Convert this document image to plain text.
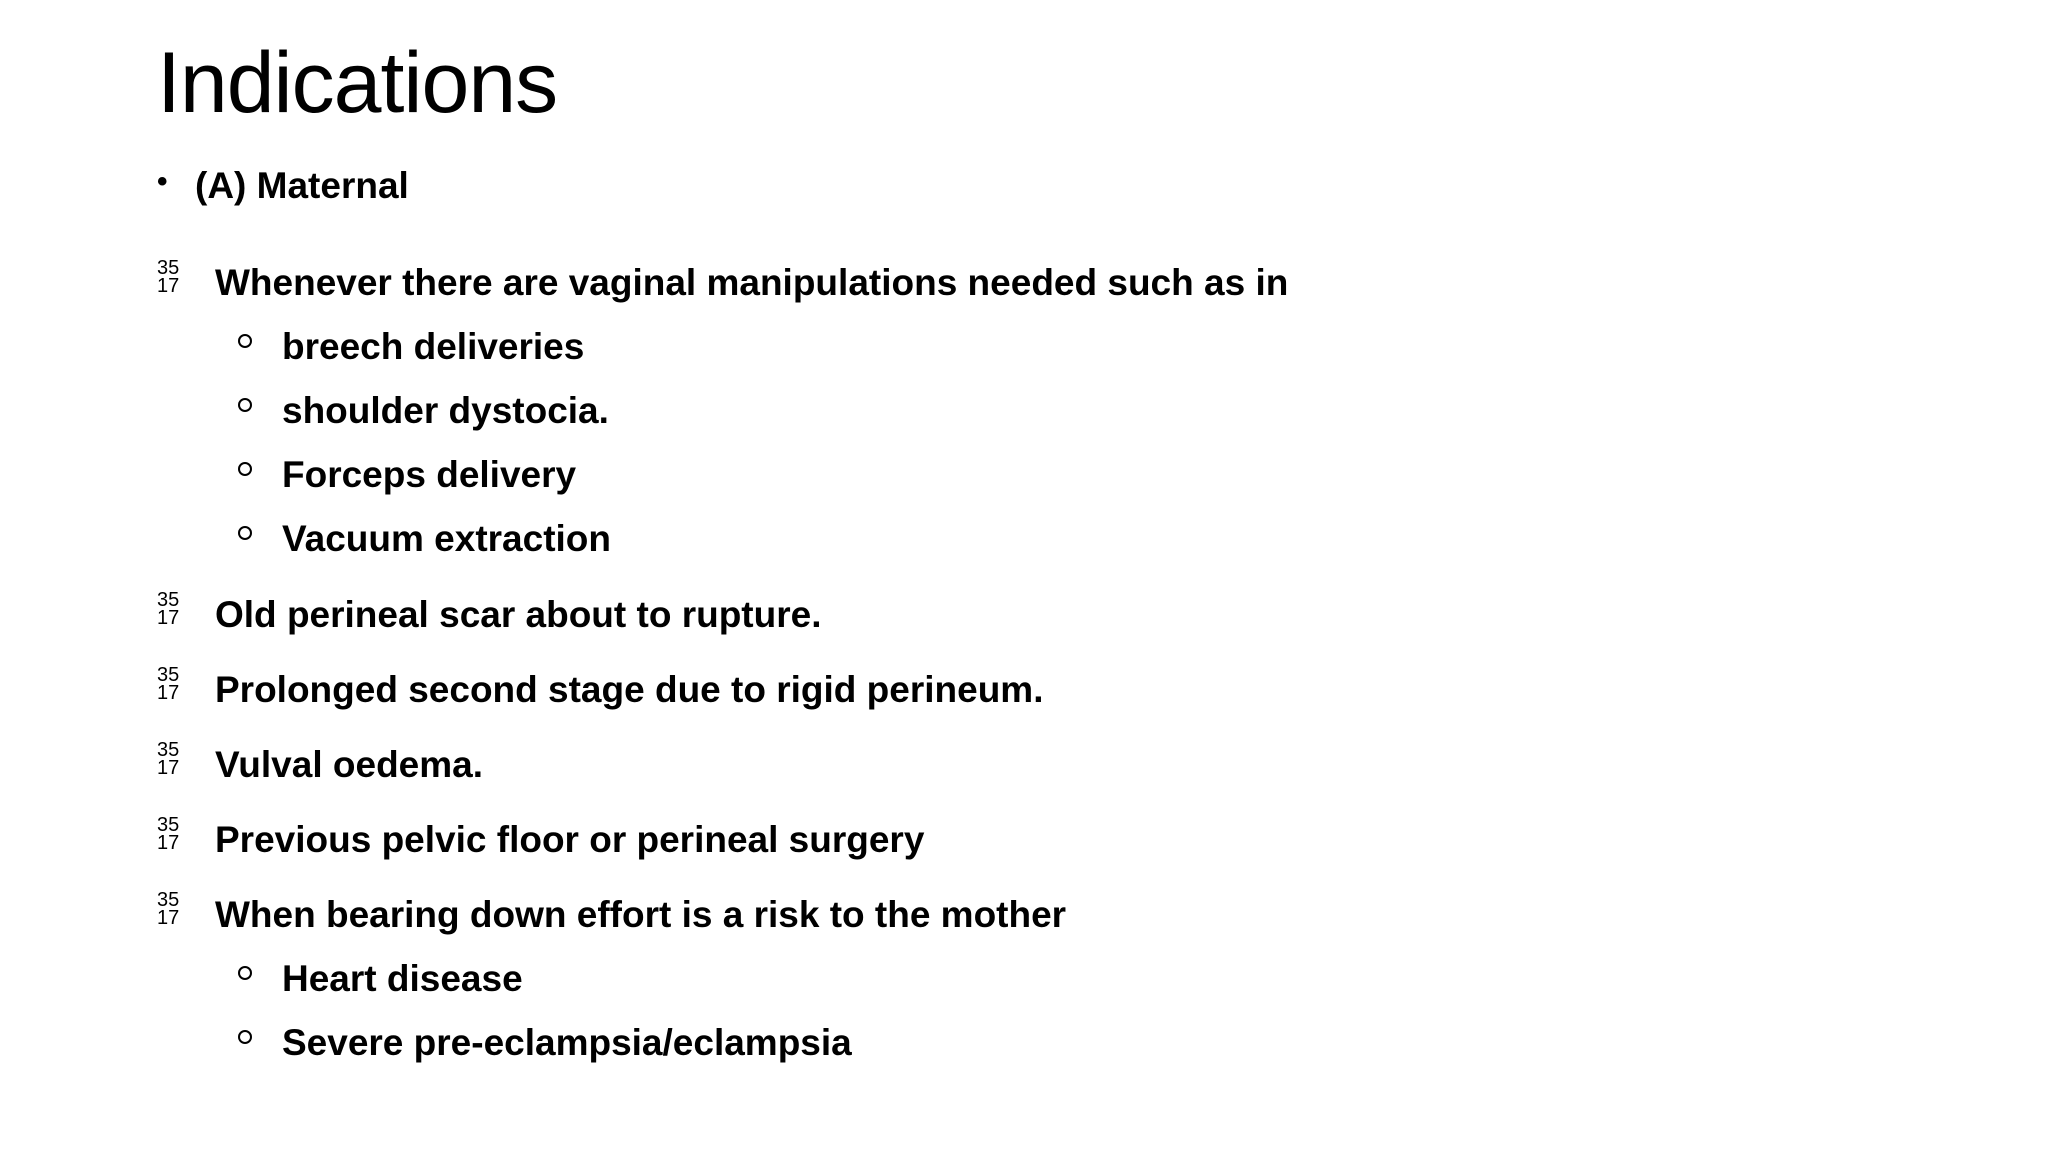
Indications
• (A) Maternal
35
17 Whenever there are vaginal manipulations needed such as in
breech deliveries
shoulder dystocia.
Forceps delivery
Vacuum extraction
35
17 Old perineal scar about to rupture.
35
17 Prolonged second stage due to rigid perineum.
35
17 Vulval oedema.
35
17 Previous pelvic floor or perineal surgery
35
17 When bearing down effort is a risk to the mother
Heart disease
Severe pre-eclampsia/eclampsia
